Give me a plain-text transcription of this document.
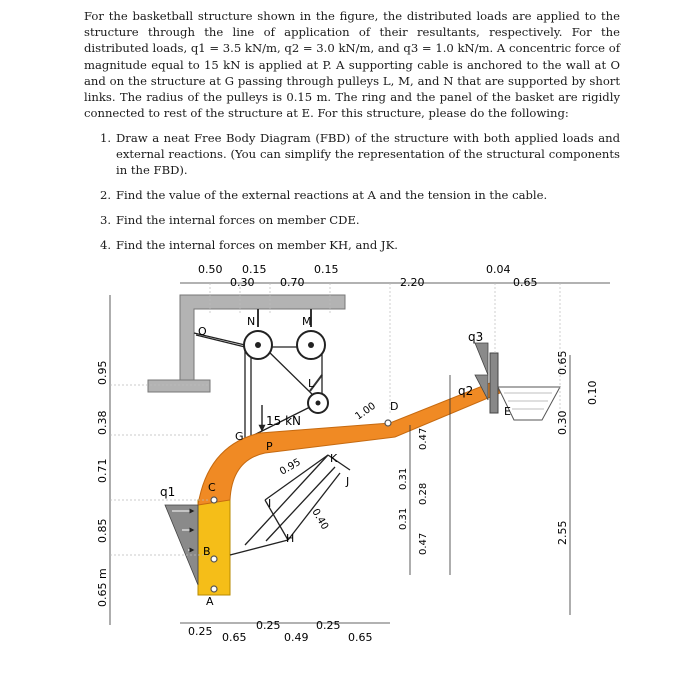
For the basketball structure shown in the figure, the distributed loads are applied to the structure through the line of application of their resultants, respectively. For the distributed loads, q1 = 3.5 kN/m, q2 = 3.0 kN/m, and q3 = 1.0 kN/m. A concentric force of magnitude equal to 15 kN is applied at P. A supporting cable is anchored to the wall at O and on the structure at G passing through pulleys L, M, and N that are supported by short links. The radius of the pulleys is 0.15 m. The ring and the panel of the basket are rigidly connected to rest of the structure at E. For this structure, please do the following:

1. Draw a neat Free Body Diagram (FBD) of the structure with both applied loads and external reactions. (You can simplify the representation of the structural components in the FBD).
2. Find the value of the external reactions at A and the tension in the cable.
3. Find the internal forces on member CDE.
4. Find the internal forces on member KH, and JK.
0.50 0.15
0.30 0.70
0.15
2.20
0.04
0.65
0.95
0.38
0.71
0.85
0.65 m
0.25 0.65
0.25
0.49
0.25
0.65
0.65
0.10
0.30
2.55
0.47
0.31
0.28
0.31
0.47
1.00
0.95
0.40
O
N	M
L
G
P
C
B
A
K
J
I
H
D	E
q1
q2
q3
15 kN
